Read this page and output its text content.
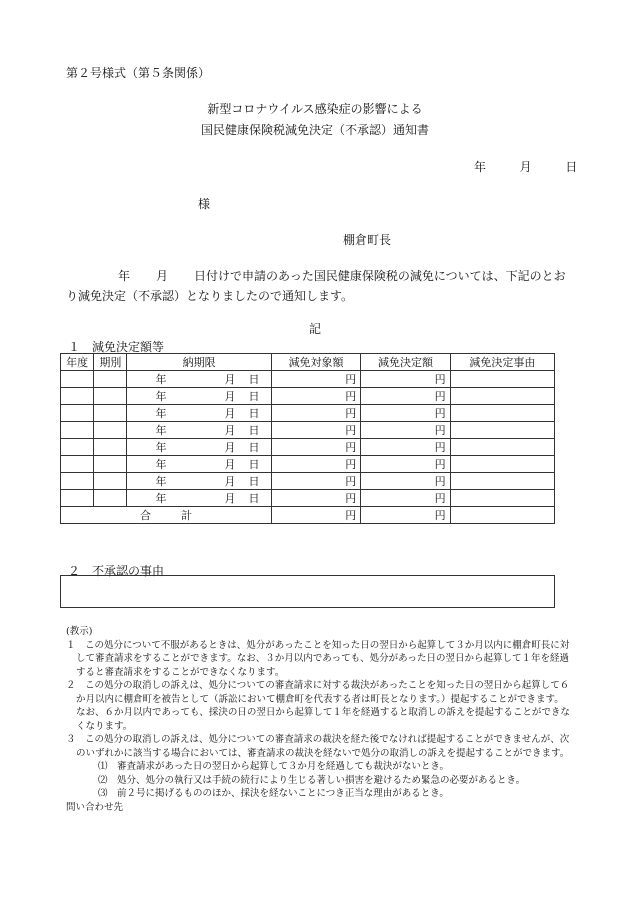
第２号様式（第５条関係）
新型コロナウイルス感染症の影響による
国民健康保険税減免決定（不承認）通知書
年	月	日
様
棚倉町長
年 月 日付けで申請のあった国民健康保険税の減免については、下記のとおり減免決定（不承認）となりましたので通知します。
記
１　減免決定額等
年度	期別	納期限	減免対象額	減免決定額	減免決定事由
		年 月 日	円	円	
		年 月 日	円	円	
		年 月 日	円	円	
		年 月 日	円	円	
		年 月 日	円	円	
		年 月 日	円	円	
		年 月 日	円	円	
		年 月 日	円	円	
合 計			円	円	
２　不承認の事由

(教示)

１　この処分について不服があるときは、処分があったことを知った日の翌日から起算して３か月以内に棚倉町長に対して審査請求をすることができます。なお、３か月以内であっても、処分があった日の翌日から起算して１年を経過すると審査請求をすることができなくなります。

２　この処分の取消しの訴えは、処分についての審査請求に対する裁決があったことを知った日の翌日から起算して６か月以内に棚倉町を被告として（訴訟において棚倉町を代表する者は町長となります。）提起することができます。なお、６か月以内であっても、採決の日の翌日から起算して１年を経過すると取消しの訴えを提起することができなくなります。

３　この処分の取消しの訴えは、処分についての審査請求の裁決を経た後でなければ提起することができませんが、次のいずれかに該当する場合においては、審査請求の裁決を経ないで処分の取消しの訴えを提起することができます。

⑴　審査請求があった日の翌日から起算して３か月を経過しても裁決がないとき。

⑵　処分、処分の執行又は手続の続行により生じる著しい損害を避けるため緊急の必要があるとき。

⑶　前２号に掲げるもののほか、採決を経ないことにつき正当な理由があるとき。

問い合わせ先
